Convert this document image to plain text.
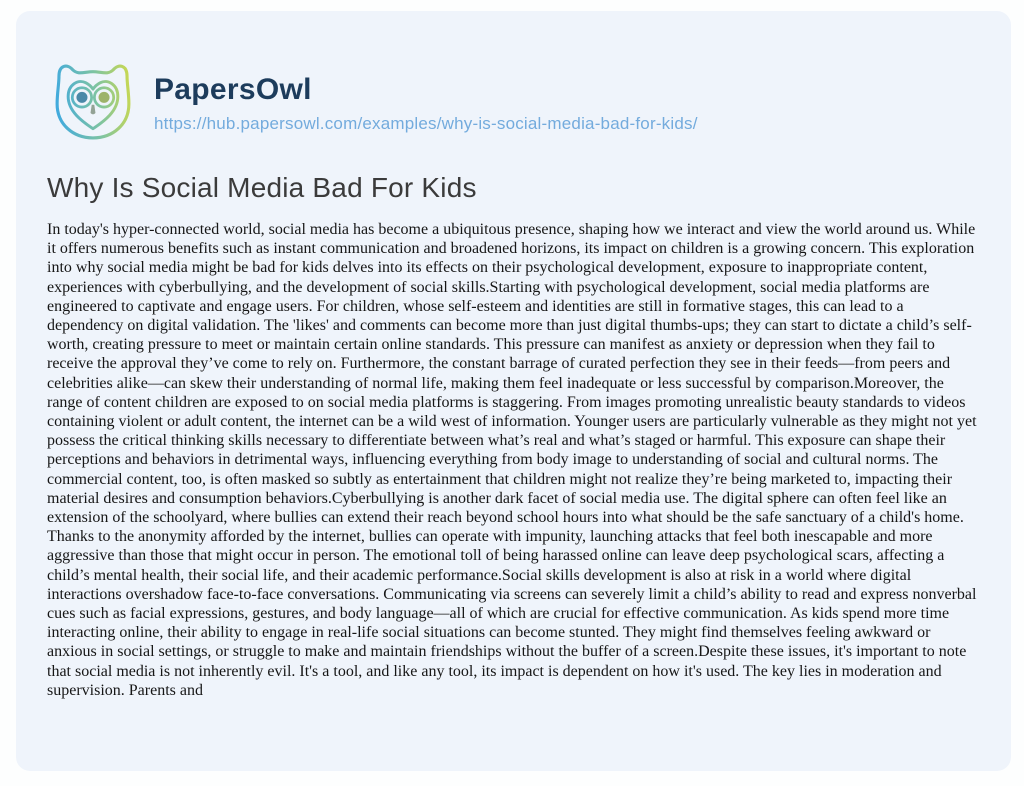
PapersOwl
https://hub.papersowl.com/examples/why-is-social-media-bad-for-kids/
Why Is Social Media Bad For Kids

In today's hyper-connected world, social media has become a ubiquitous presence, shaping how we interact and view the world around us. While it offers numerous benefits such as instant communication and broadened horizons, its impact on children is a growing concern. This exploration into why social media might be bad for kids delves into its effects on their psychological development, exposure to inappropriate content, experiences with cyberbullying, and the development of social skills.Starting with psychological development, social media platforms are engineered to captivate and engage users. For children, whose self-esteem and identities are still in formative stages, this can lead to a dependency on digital validation. The 'likes' and comments can become more than just digital thumbs-ups; they can start to dictate a child’s self-worth, creating pressure to meet or maintain certain online standards. This pressure can manifest as anxiety or depression when they fail to receive the approval they’ve come to rely on. Furthermore, the constant barrage of curated perfection they see in their feeds—from peers and celebrities alike—can skew their understanding of normal life, making them feel inadequate or less successful by comparison.Moreover, the range of content children are exposed to on social media platforms is staggering. From images promoting unrealistic beauty standards to videos containing violent or adult content, the internet can be a wild west of information. Younger users are particularly vulnerable as they might not yet possess the critical thinking skills necessary to differentiate between what’s real and what’s staged or harmful. This exposure can shape their perceptions and behaviors in detrimental ways, influencing everything from body image to understanding of social and cultural norms. The commercial content, too, is often masked so subtly as entertainment that children might not realize they’re being marketed to, impacting their material desires and consumption behaviors.Cyberbullying is another dark facet of social media use. The digital sphere can often feel like an extension of the schoolyard, where bullies can extend their reach beyond school hours into what should be the safe sanctuary of a child's home. Thanks to the anonymity afforded by the internet, bullies can operate with impunity, launching attacks that feel both inescapable and more aggressive than those that might occur in person. The emotional toll of being harassed online can leave deep psychological scars, affecting a child’s mental health, their social life, and their academic performance.Social skills development is also at risk in a world where digital interactions overshadow face-to-face conversations. Communicating via screens can severely limit a child’s ability to read and express nonverbal cues such as facial expressions, gestures, and body language—all of which are crucial for effective communication. As kids spend more time interacting online, their ability to engage in real-life social situations can become stunted. They might find themselves feeling awkward or anxious in social settings, or struggle to make and maintain friendships without the buffer of a screen.Despite these issues, it's important to note that social media is not inherently evil. It's a tool, and like any tool, its impact is dependent on how it's used. The key lies in moderation and supervision. Parents and
